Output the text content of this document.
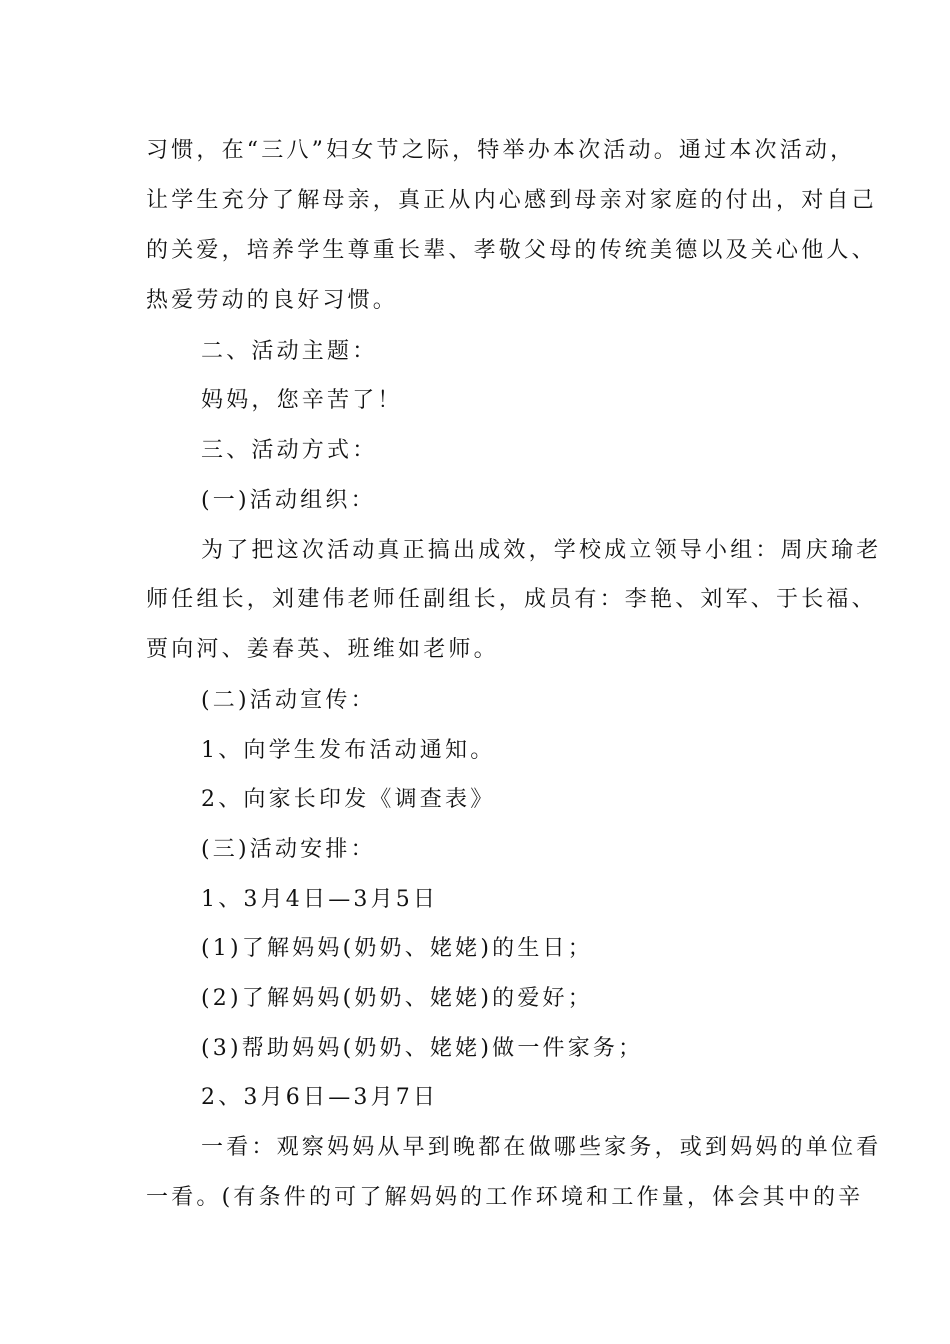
习惯，在“三八”妇女节之际，特举办本次活动。通过本次活动，
让学生充分了解母亲，真正从内心感到母亲对家庭的付出，对自己
的关爱，培养学生尊重长辈、孝敬父母的传统美德以及关心他人、
热爱劳动的良好习惯。
二、活动主题：
妈妈，您辛苦了！
三、活动方式：
(一)活动组织：
为了把这次活动真正搞出成效，学校成立领导小组：周庆瑜老
师任组长，刘建伟老师任副组长，成员有：李艳、刘军、于长福、
贾向河、姜春英、班维如老师。
(二)活动宣传：
1、向学生发布活动通知。
2、向家长印发《调查表》
(三)活动安排：
1、3月4日—3月5日
(1)了解妈妈(奶奶、姥姥)的生日；
(2)了解妈妈(奶奶、姥姥)的爱好；
(3)帮助妈妈(奶奶、姥姥)做一件家务；
2、3月6日—3月7日
一看：观察妈妈从早到晚都在做哪些家务，或到妈妈的单位看
一看。(有条件的可了解妈妈的工作环境和工作量，体会其中的辛
